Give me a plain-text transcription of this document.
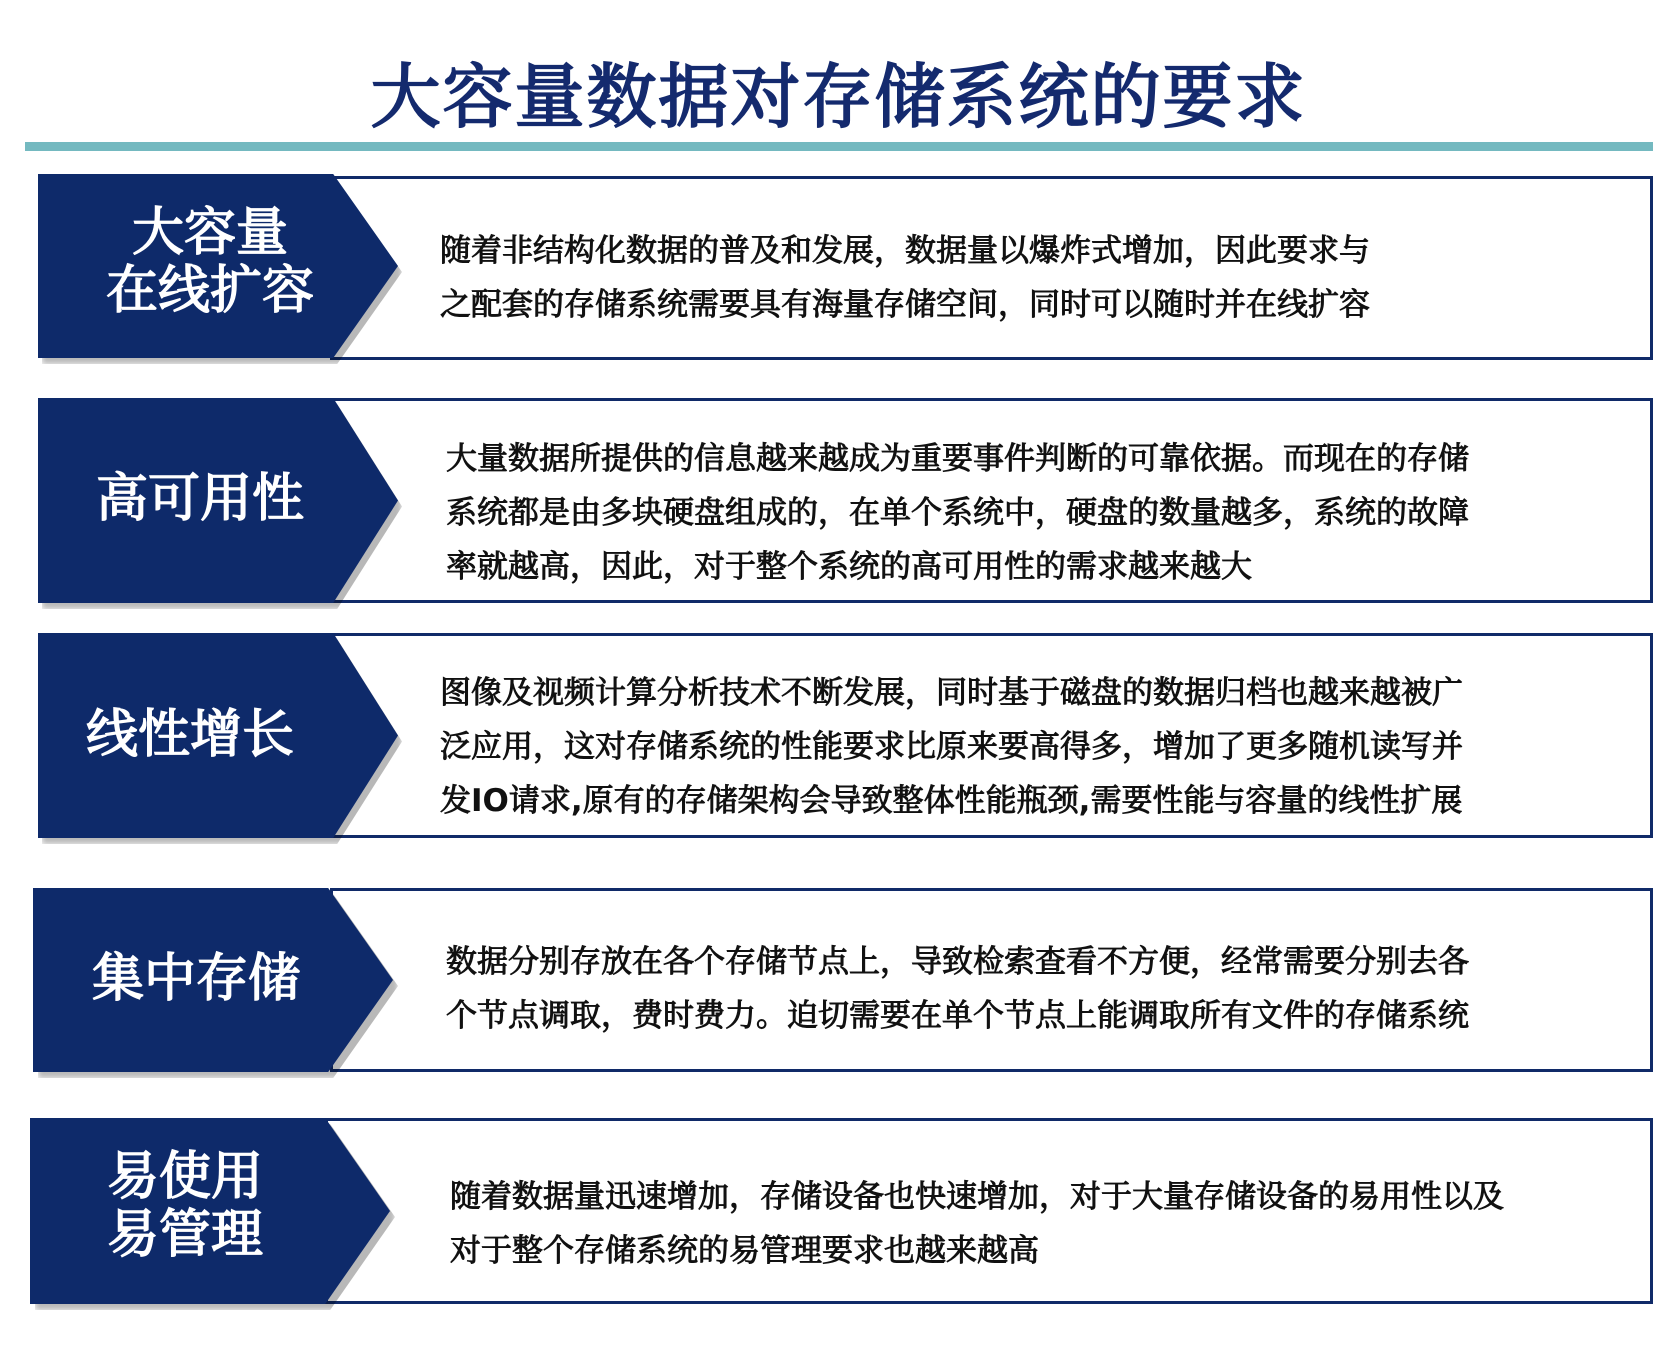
大容量数据对存储系统的要求
大容量
在线扩容
随着非结构化数据的普及和发展，数据量以爆炸式增加，因此要求与
之配套的存储系统需要具有海量存储空间，同时可以随时并在线扩容
高可用性
大量数据所提供的信息越来越成为重要事件判断的可靠依据。而现在的存储
系统都是由多块硬盘组成的，在单个系统中，硬盘的数量越多，系统的故障
率就越高，因此，对于整个系统的高可用性的需求越来越大
线性增长
图像及视频计算分析技术不断发展，同时基于磁盘的数据归档也越来越被广
泛应用，这对存储系统的性能要求比原来要高得多，增加了更多随机读写并
发IO请求,原有的存储架构会导致整体性能瓶颈,需要性能与容量的线性扩展
集中存储	数据分别存放在各个存储节点上，导致检索查看不方便，经常需要分别去各
个节点调取，费时费力。迫切需要在单个节点上能调取所有文件的存储系统
易使用
易管理
随着数据量迅速增加，存储设备也快速增加，对于大量存储设备的易用性以及
对于整个存储系统的易管理要求也越来越高
